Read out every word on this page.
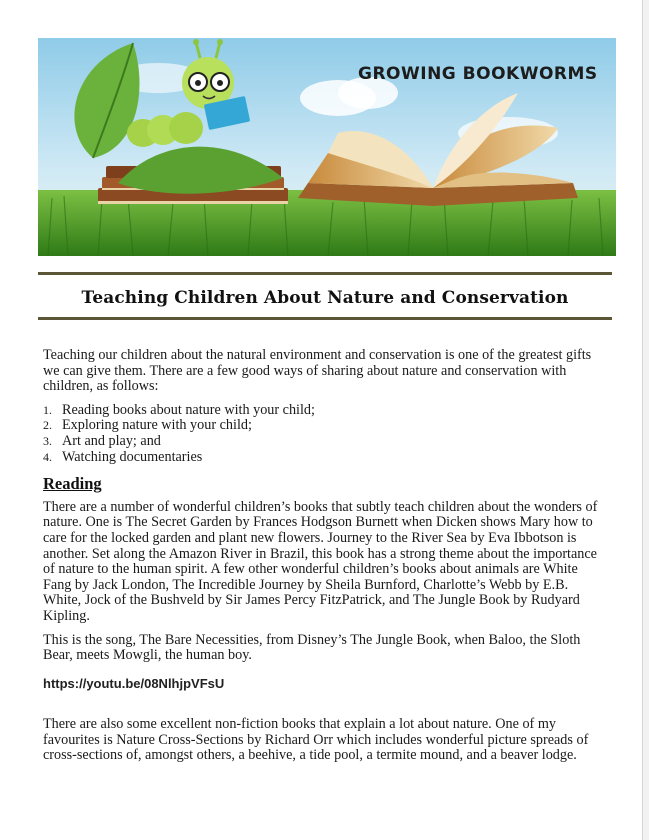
GROWING BOOKWORMS
Teaching Children About Nature and Conservation

Teaching our children about the natural environment and conservation is one of the greatest gifts we can give them. There are a few good ways of sharing about nature and conservation with children, as follows:

1. Reading books about nature with your child;
2. Exploring nature with your child;
3. Art and play; and
4. Watching documentaries
Reading

There are a number of wonderful children’s books that subtly teach children about the wonders of nature. One is The Secret Garden by Frances Hodgson Burnett when Dicken shows Mary how to care for the locked garden and plant new flowers. Journey to the River Sea by Eva Ibbotson is another. Set along the Amazon River in Brazil, this book has a strong theme about the importance of nature to the human spirit. A few other wonderful children’s books about animals are White Fang by Jack London, The Incredible Journey by Sheila Burnford, Charlotte’s Webb by E.B. White, Jock of the Bushveld by Sir James Percy FitzPatrick, and The Jungle Book by Rudyard Kipling.

This is the song, The Bare Necessities, from Disney’s The Jungle Book, when Baloo, the Sloth Bear, meets Mowgli, the human boy.

https://youtu.be/08NlhjpVFsU

There are also some excellent non-fiction books that explain a lot about nature. One of my favourites is Nature Cross-Sections by Richard Orr which includes wonderful picture spreads of cross-sections of, amongst others, a beehive, a tide pool, a termite mound, and a beaver lodge.
